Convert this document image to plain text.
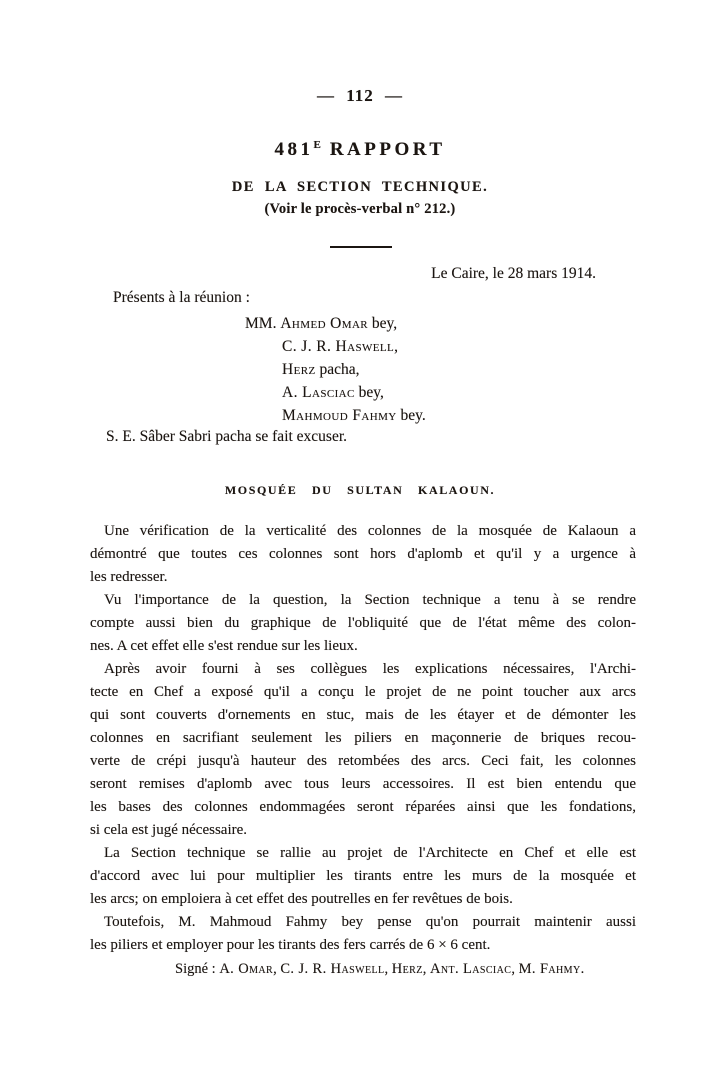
— 112 —
$481^E$ RAPPORT
DE LA SECTION TECHNIQUE.
(Voir le procès-verbal n° 212.)
Le Caire, le 28 mars 1914.
Présents à la réunion :
MM. Ahmed Omar bey,
C. J. R. Haswell,
Herz pacha,
A. Lasciac bey,
Mahmoud Fahmy bey.
S. E. Sâber Sabri pacha se fait excuser.
MOSQUÉE DU SULTAN KALAOUN.
Une vérification de la verticalité des colonnes de la mosquée de Kalaoun a
démontré que toutes ces colonnes sont hors d'aplomb et qu'il y a urgence à
les redresser.
Vu l'importance de la question, la Section technique a tenu à se rendre
compte aussi bien du graphique de l'obliquité que de l'état même des colon-
nes. A cet effet elle s'est rendue sur les lieux.
Après avoir fourni à ses collègues les explications nécessaires, l'Archi-
tecte en Chef a exposé qu'il a conçu le projet de ne point toucher aux arcs
qui sont couverts d'ornements en stuc, mais de les étayer et de démonter les
colonnes en sacrifiant seulement les piliers en maçonnerie de briques recou-
verte de crépi jusqu'à hauteur des retombées des arcs. Ceci fait, les colonnes
seront remises d'aplomb avec tous leurs accessoires. Il est bien entendu que
les bases des colonnes endommagées seront réparées ainsi que les fondations,
si cela est jugé nécessaire.
La Section technique se rallie au projet de l'Architecte en Chef et elle est
d'accord avec lui pour multiplier les tirants entre les murs de la mosquée et
les arcs; on emploiera à cet effet des poutrelles en fer revêtues de bois.
Toutefois, M. Mahmoud Fahmy bey pense qu'on pourrait maintenir aussi
les piliers et employer pour les tirants des fers carrés de 6 × 6 cent.
Signé : A. Omar, C. J. R. Haswell, Herz, Ant. Lasciac, M. Fahmy.
